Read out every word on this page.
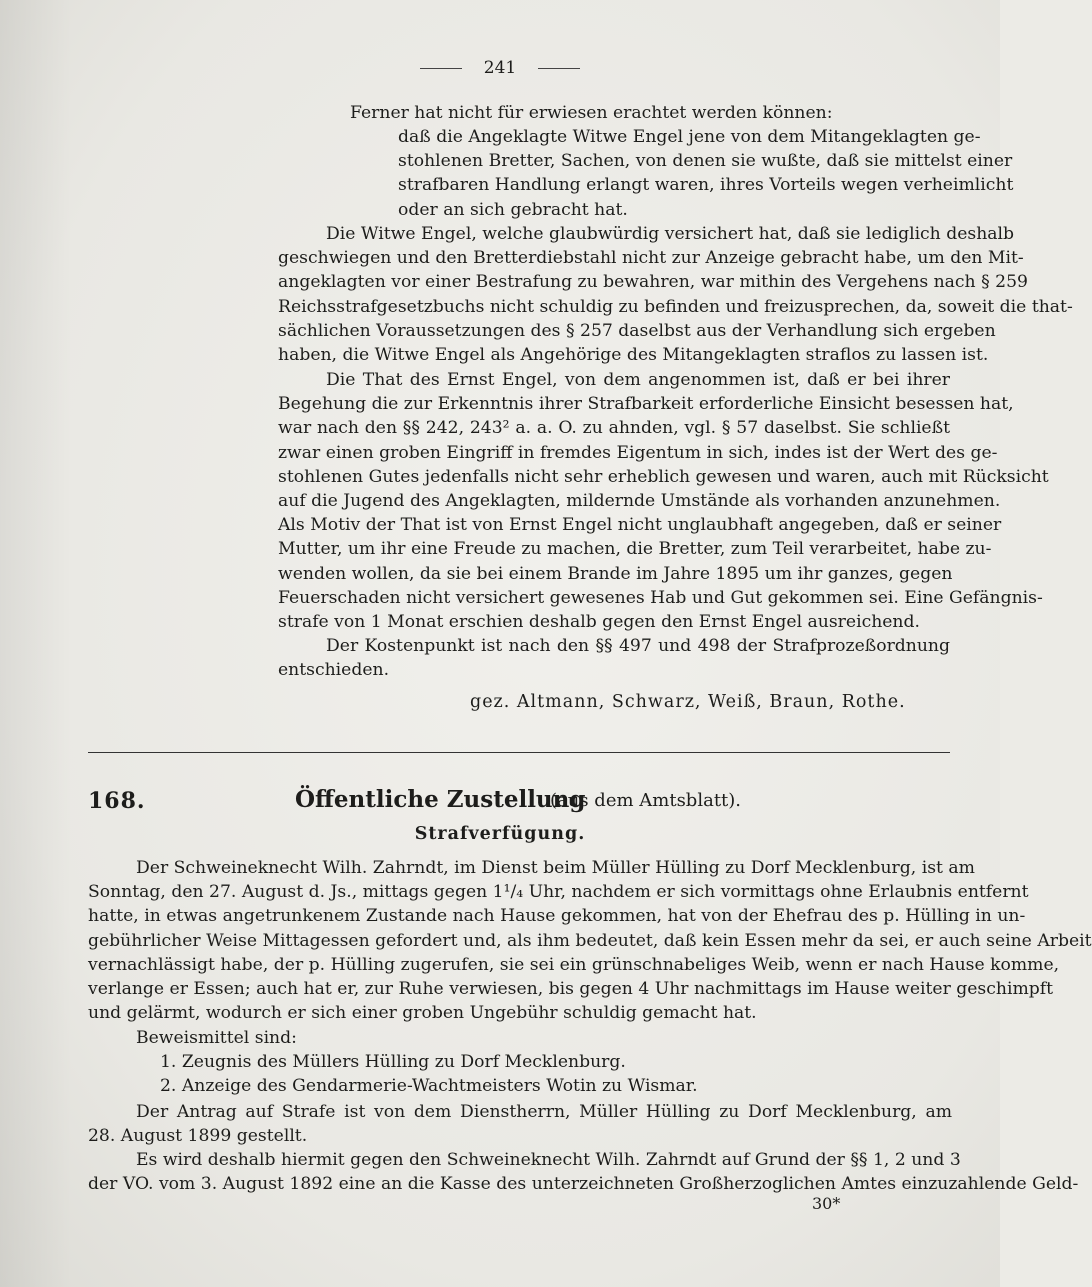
241
Ferner hat nicht für erwiesen erachtet werden können:
daß die Angeklagte Witwe Engel jene von dem Mitangeklagten ge-
stohlenen Bretter, Sachen, von denen sie wußte, daß sie mittelst einer
strafbaren Handlung erlangt waren, ihres Vorteils wegen verheimlicht
oder an sich gebracht hat.
Die Witwe Engel, welche glaubwürdig versichert hat, daß sie lediglich deshalb
geschwiegen und den Bretterdiebstahl nicht zur Anzeige gebracht habe, um den Mit-
angeklagten vor einer Bestrafung zu bewahren, war mithin des Vergehens nach § 259
Reichsstrafgesetzbuchs nicht schuldig zu befinden und freizusprechen, da, soweit die that-
sächlichen Voraussetzungen des § 257 daselbst aus der Verhandlung sich ergeben
haben, die Witwe Engel als Angehörige des Mitangeklagten straflos zu lassen ist.
Die That des Ernst Engel, von dem angenommen ist, daß er bei ihrer
Begehung die zur Erkenntnis ihrer Strafbarkeit erforderliche Einsicht besessen hat,
war nach den §§ 242, 243² a. a. O. zu ahnden, vgl. § 57 daselbst. Sie schließt
zwar einen groben Eingriff in fremdes Eigentum in sich, indes ist der Wert des ge-
stohlenen Gutes jedenfalls nicht sehr erheblich gewesen und waren, auch mit Rücksicht
auf die Jugend des Angeklagten, mildernde Umstände als vorhanden anzunehmen.
Als Motiv der That ist von Ernst Engel nicht unglaubhaft angegeben, daß er seiner
Mutter, um ihr eine Freude zu machen, die Bretter, zum Teil verarbeitet, habe zu-
wenden wollen, da sie bei einem Brande im Jahre 1895 um ihr ganzes, gegen
Feuerschaden nicht versichert gewesenes Hab und Gut gekommen sei. Eine Gefängnis-
strafe von 1 Monat erschien deshalb gegen den Ernst Engel ausreichend.
Der Kostenpunkt ist nach den §§ 497 und 498 der Strafprozeßordnung
entschieden.
gez. Altmann, Schwarz, Weiß, Braun, Rothe.
168.	Öffentliche Zustellung
(aus dem Amtsblatt).
Strafverfügung.
Der Schweineknecht Wilh. Zahrndt, im Dienst beim Müller Hülling zu Dorf Mecklenburg, ist am
Sonntag, den 27. August d. Js., mittags gegen 1¹/₄ Uhr, nachdem er sich vormittags ohne Erlaubnis entfernt
hatte, in etwas angetrunkenem Zustande nach Hause gekommen, hat von der Ehefrau des p. Hülling in un-
gebührlicher Weise Mittagessen gefordert und, als ihm bedeutet, daß kein Essen mehr da sei, er auch seine Arbeit
vernachlässigt habe, der p. Hülling zugerufen, sie sei ein grünschnabeliges Weib, wenn er nach Hause komme,
verlange er Essen; auch hat er, zur Ruhe verwiesen, bis gegen 4 Uhr nachmittags im Hause weiter geschimpft
und gelärmt, wodurch er sich einer groben Ungebühr schuldig gemacht hat.
Beweismittel sind:
1. Zeugnis des Müllers Hülling zu Dorf Mecklenburg.
2. Anzeige des Gendarmerie-Wachtmeisters Wotin zu Wismar.
Der Antrag auf Strafe ist von dem Dienstherrn, Müller Hülling zu Dorf Mecklenburg, am
28. August 1899 gestellt.
Es wird deshalb hiermit gegen den Schweineknecht Wilh. Zahrndt auf Grund der §§ 1, 2 und 3
der VO. vom 3. August 1892 eine an die Kasse des unterzeichneten Großherzoglichen Amtes einzuzahlende Geld-
30*
